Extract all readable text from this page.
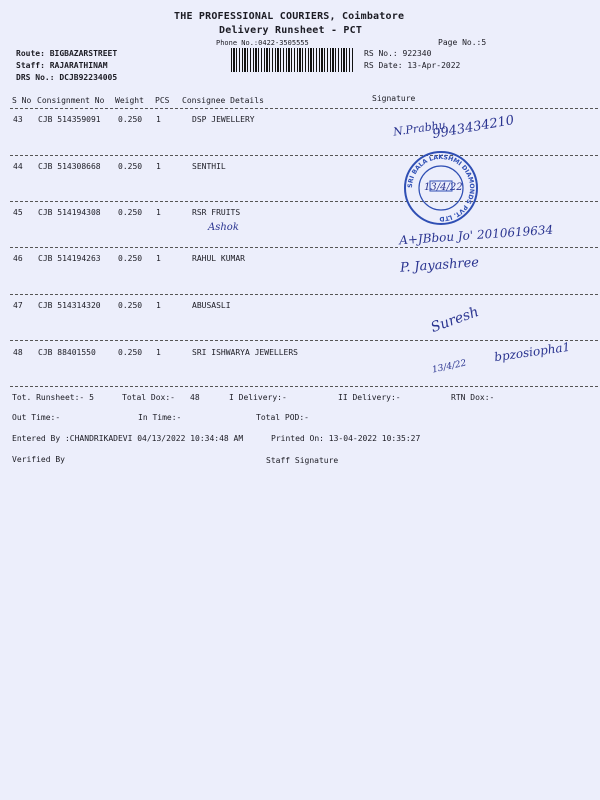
THE PROFESSIONAL COURIERS, Coimbatore
Delivery Runsheet - PCT
Phone No.:0422-3505555	Page No.:5
Route: BIGBAZARSTREET
Staff: RAJARATHINAM
DRS No.: DCJB92234005
RS No.: 922340
RS Date: 13-Apr-2022
S No Consignment No Weight PCS Consignee Details	Signature
43 CJB 514359091 0.250 1	DSP JEWELLERY
44 CJB 514308668 0.250 1	SENTHIL
45 CJB 514194308 0.250 1	RSR FRUITS
46 CJB 514194263 0.250 1	RAHUL KUMAR
47 CJB 514314320 0.250 1	ABUSASLI
48 CJB 88401550	0.250 1	SRI ISHWARYA JEWELLERS
Tot. Runsheet:- 5	Total Dox:- 48	I Delivery:-	II Delivery:-	RTN Dox:-
Out Time:-	In Time:-	Total POD:-
Entered By :CHANDRIKADEVI 04/13/2022 10:34:48 AM	Printed On: 13-04-2022 10:35:27
Verified By	Staff Signature
N.Prabhu
9943434210
13/4/22
Ashok	A+JBbou Jo' 2010619634
P. Jayashree
Suresh
13/4/22
bpzosiopha1
SRI BALA LAKSHMI DIAMONDS PVT. LTD
